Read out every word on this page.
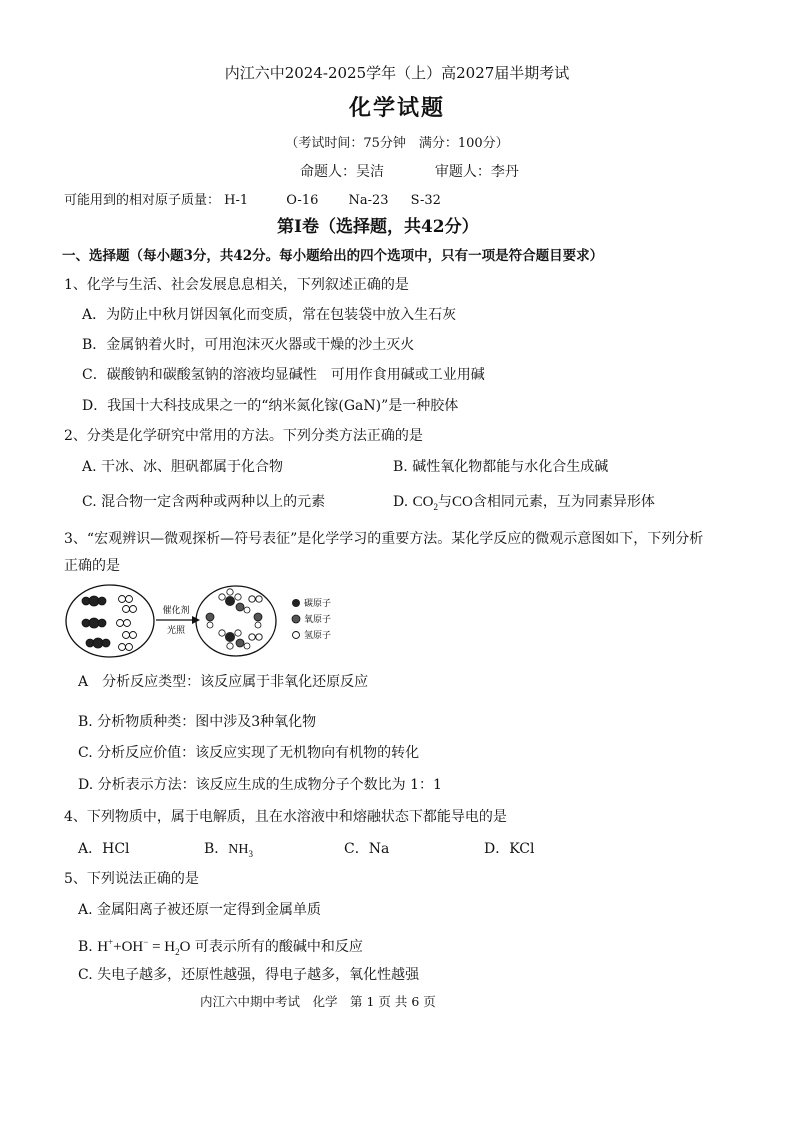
内江六中2024-2025学年（上）高2027届半期考试
化学试题
（考试时间：75分钟　满分：100分）
命题人：吴洁	审题人：李丹
可能用到的相对原子质量： H-1	O-16 Na-23 S-32
第Ⅰ卷（选择题，共42分）
一、选择题（每小题3分，共42分。每小题给出的四个选项中，只有一项是符合题目要求）
1、化学与生活、社会发展息息相关，下列叙述正确的是
A．为防止中秋月饼因氧化而变质，常在包装袋中放入生石灰
B．金属钠着火时，可用泡沫灭火器或干燥的沙土灭火
C．碳酸钠和碳酸氢钠的溶液均显碱性　可用作食用碱或工业用碱
D．我国十大科技成果之一的“纳米氮化镓(GaN)”是一种胶体
2、分类是化学研究中常用的方法。下列分类方法正确的是
A. 干冰、冰、胆矾都属于化合物	B. 碱性氧化物都能与水化合生成碱
C. 混合物一定含两种或两种以上的元素	D. $CO_2$与CO含相同元素，互为同素异形体
3、“宏观辨识—微观探析—符号表征”是化学学习的重要方法。某化学反应的微观示意图如下，下列分析
正确的是
催化剂
光照
碳原子
氧原子
氢原子
A　分析反应类型：该反应属于非氧化还原反应
B. 分析物质种类：图中涉及3种氧化物
C. 分析反应价值：该反应实现了无机物向有机物的转化
D. 分析表示方法：该反应生成的生成物分子个数比为 1：1
4、下列物质中，属于电解质，且在水溶液中和熔融状态下都能导电的是
A．HCl	B．$NH_3$	C．Na	D．KCl
5、下列说法正确的是
A. 金属阳离子被还原一定得到金属单质
B. $H^++OH^- = H_2O$ 可表示所有的酸碱中和反应
C. 失电子越多，还原性越强，得电子越多，氧化性越强
内江六中期中考试　化学　第 1 页 共 6 页
